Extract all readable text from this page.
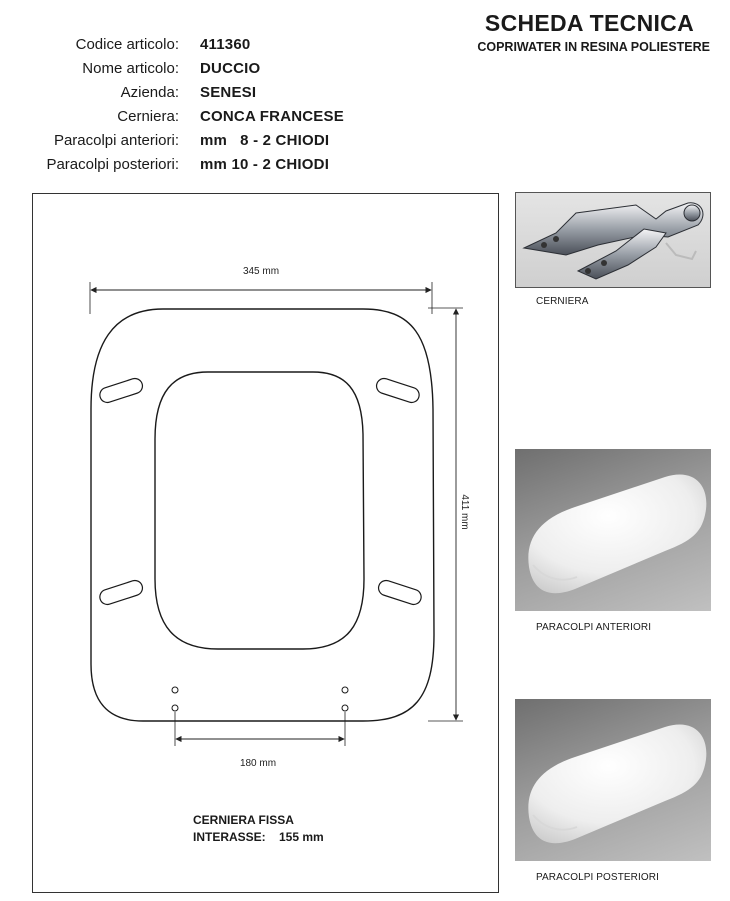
SCHEDA TECNICA
COPRIWATER IN RESINA POLIESTERE
Codice articolo: 411360
Nome articolo: DUCCIO
Azienda: SENESI
Cerniera: CONCA FRANCESE
Paracolpi anteriori: mm   8 - 2 CHIODI
Paracolpi posteriori: mm 10 - 2 CHIODI
345 mm
411 mm
180 mm
CERNIERA FISSA
INTERASSE:    155 mm
CERNIERA
PARACOLPI ANTERIORI
PARACOLPI POSTERIORI
